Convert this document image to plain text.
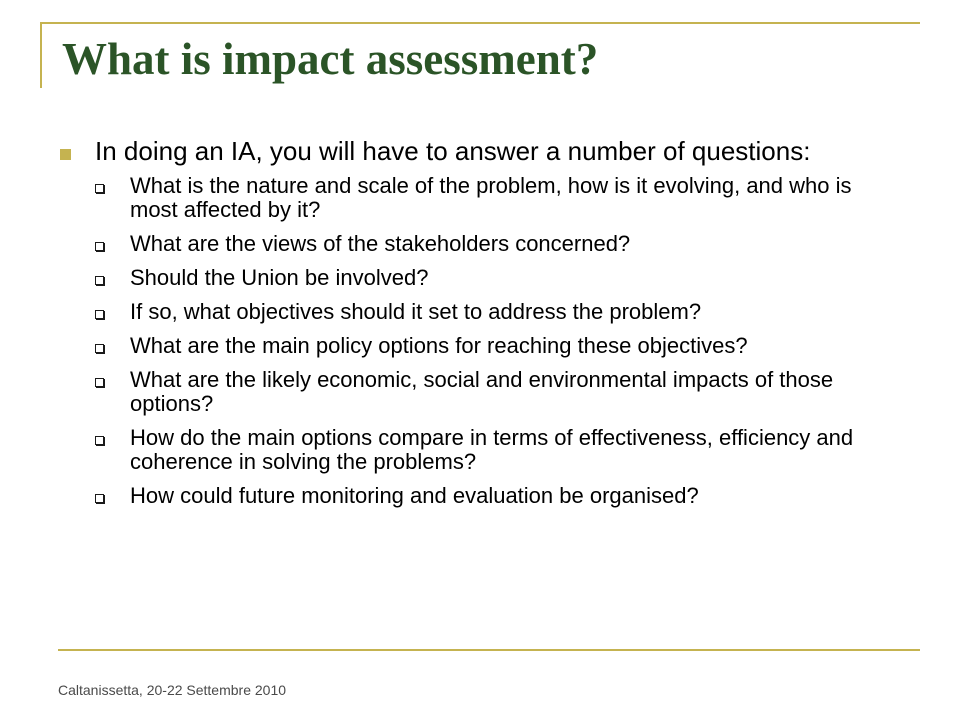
What is impact assessment?
In doing an IA, you will have to answer a number of questions:
What is the nature and scale of the problem, how is it evolving, and who is most affected by it?
What are the views of the stakeholders concerned?
Should the Union be involved?
If so, what objectives should it set to address the problem?
What are the main policy options for reaching these objectives?
What are the likely economic, social and environmental impacts of those options?
How do the main options compare in terms of effectiveness, efficiency and coherence in solving the problems?
How could future monitoring and evaluation be organised?
Caltanissetta, 20-22 Settembre 2010
